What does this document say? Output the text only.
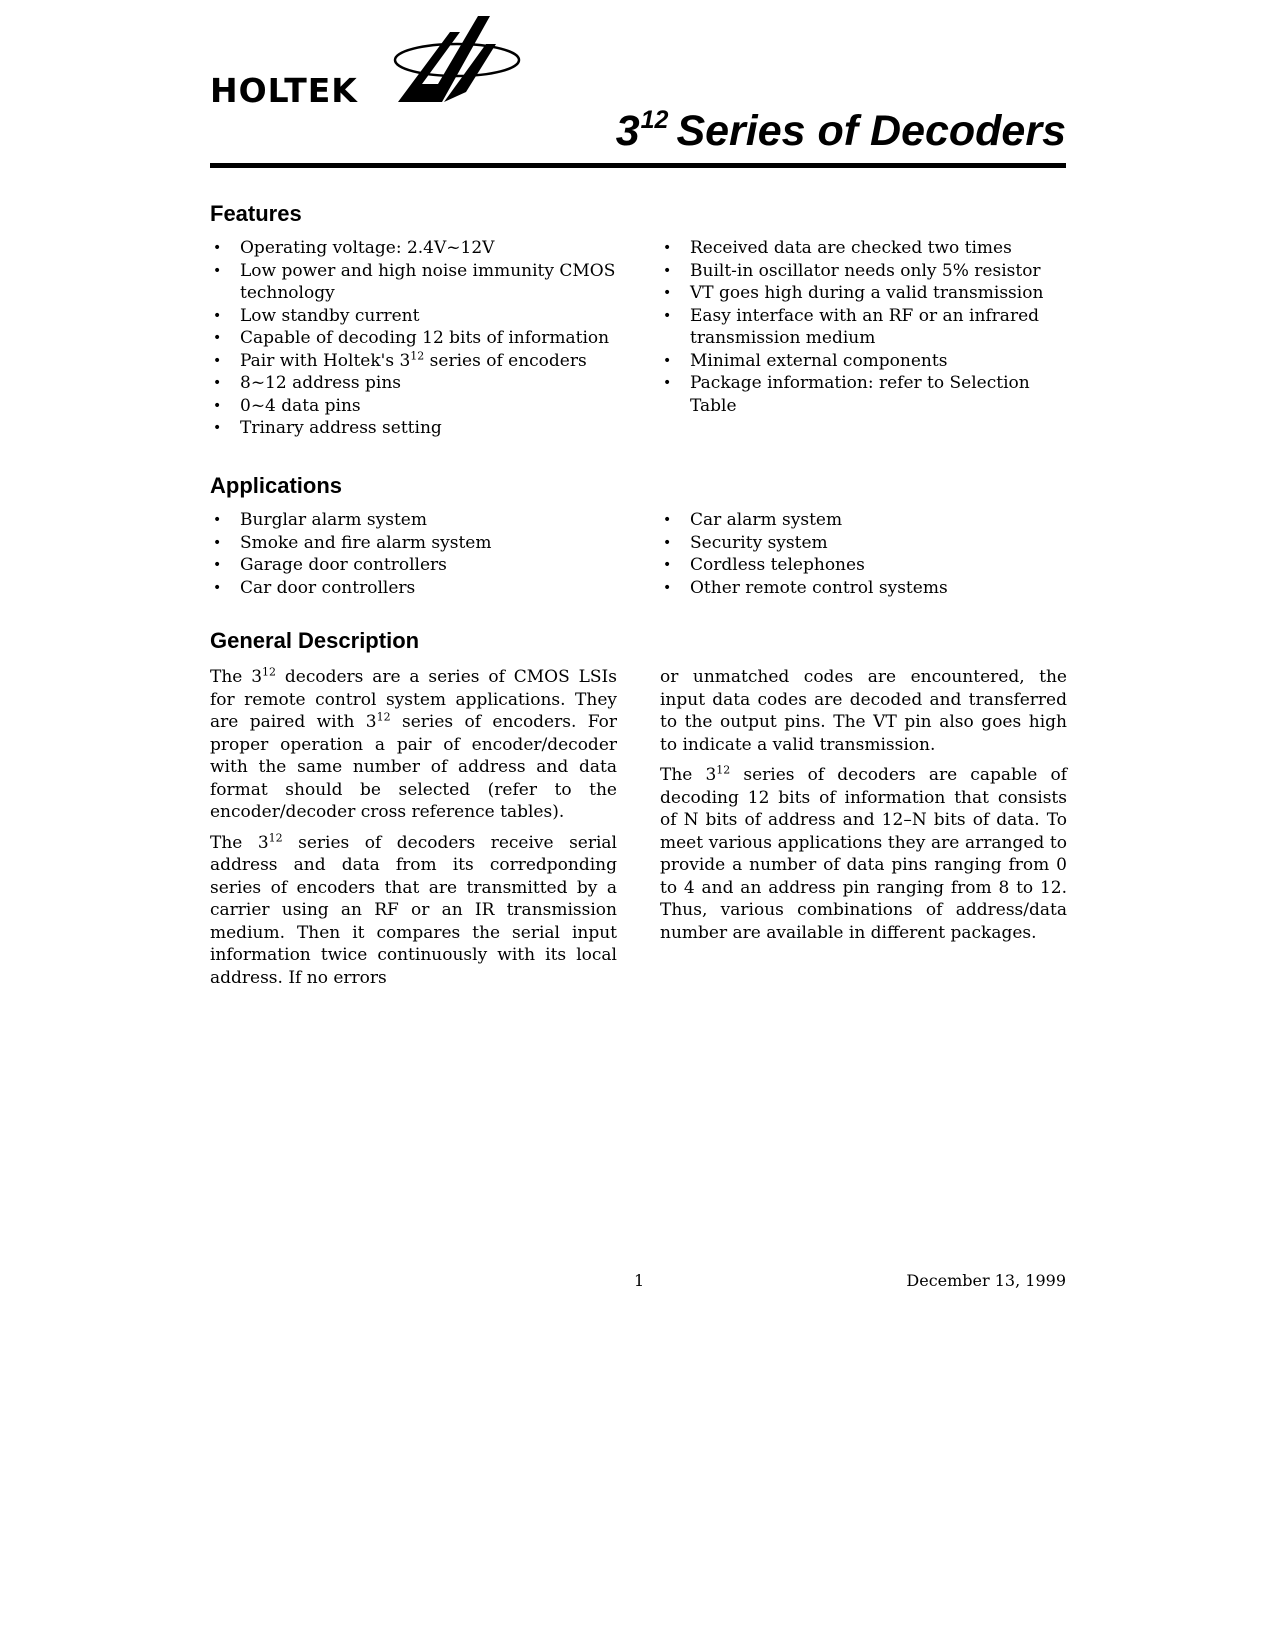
HOLTEK
$3^{12}$ Series of Decoders
Features
• Operating voltage: 2.4V~12V
• Low power and high noise immunity CMOS technology
• Low standby current
• Capable of decoding 12 bits of information
• Pair with Holtek's $3^{12}$ series of encoders
• 8~12 address pins
• 0~4 data pins
• Trinary address setting
• Received data are checked two times
• Built-in oscillator needs only 5% resistor
• VT goes high during a valid transmission
• Easy interface with an RF or an infrared transmission medium
• Minimal external components
• Package information: refer to Selection Table
Applications
• Burglar alarm system
• Smoke and fire alarm system
• Garage door controllers
• Car door controllers
• Car alarm system
• Security system
• Cordless telephones
• Other remote control systems
General Description

The $3^{12}$ decoders are a series of CMOS LSIs for remote control system applications. They are paired with $3^{12}$ series of encoders. For proper operation a pair of encoder/decoder with the same number of address and data format should be selected (refer to the encoder/decoder cross reference tables).

The $3^{12}$ series of decoders receive serial address and data from its corredponding series of encoders that are transmitted by a carrier using an RF or an IR transmission medium. Then it compares the serial input information twice continuously with its local address. If no errors

or unmatched codes are encountered, the input data codes are decoded and transferred to the output pins. The VT pin also goes high to indicate a valid transmission.

The $3^{12}$ series of decoders are capable of decoding 12 bits of information that consists of N bits of address and 12–N bits of data. To meet various applications they are arranged to provide a number of data pins ranging from 0 to 4 and an address pin ranging from 8 to 12. Thus, various combinations of address/data number are available in different packages.

1	December 13, 1999
